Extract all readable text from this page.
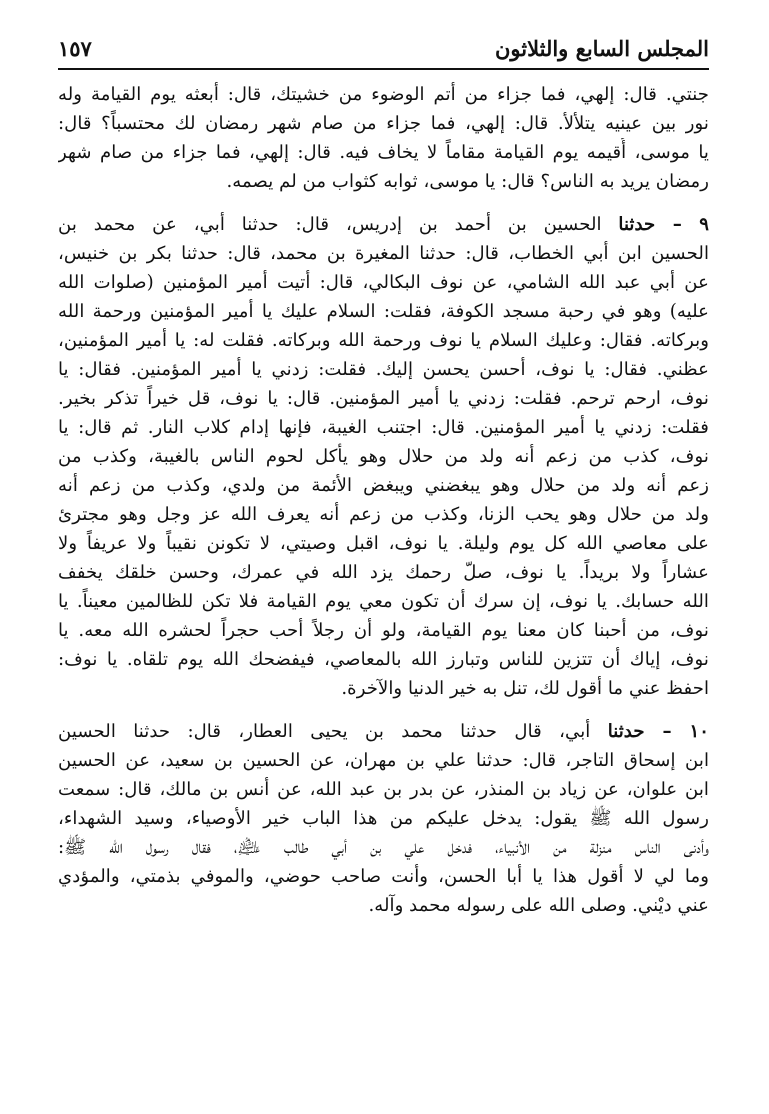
المجلس السابع والثلاثون
١٥٧

جنتي. قال: إلهي، فما جزاء من أتم الوضوء من خشيتك، قال: أبعثه يوم القيامة وله
نور بين عينيه يتلألأ. قال: إلهي، فما جزاء من صام شهر رمضان لك محتسباً؟ قال:
يا موسى، أُقيمه يوم القيامة مقاماً لا يخاف فيه. قال: إلهي، فما جزاء من صام شهر
رمضان يريد به الناس؟ قال: يا موسى، ثوابه كثواب من لم يصمه.

٩ – حدثنا الحسين بن أحمد بن إدريس، قال: حدثنا أبي، عن محمد بن
الحسين ابن أبي الخطاب، قال: حدثنا المغيرة بن محمد، قال: حدثنا بكر بن خنيس،
عن أبي عبد الله الشامي، عن نوف البكالي، قال: أتيت أمير المؤمنين (صلوات الله
عليه) وهو في رحبة مسجد الكوفة، فقلت: السلام عليك يا أمير المؤمنين ورحمة الله
وبركاته. فقال: وعليك السلام يا نوف ورحمة الله وبركاته. فقلت له: يا أمير المؤمنين،
عظني. فقال: يا نوف، أحسن يحسن إليك. فقلت: زدني يا أمير المؤمنين. فقال: يا
نوف، ارحم ترحم. فقلت: زدني يا أمير المؤمنين. قال: يا نوف، قل خيراً تذكر بخير.
فقلت: زدني يا أمير المؤمنين. قال: اجتنب الغيبة، فإنها إدام كلاب النار. ثم قال: يا
نوف، كذب من زعم أنه ولد من حلال وهو يأكل لحوم الناس بالغيبة، وكذب من
زعم أنه ولد من حلال وهو يبغضني ويبغض الأئمة من ولدي، وكذب من زعم أنه
ولد من حلال وهو يحب الزنا، وكذب من زعم أنه يعرف الله عز وجل وهو مجترئ
على معاصي الله كل يوم وليلة. يا نوف، اقبل وصيتي، لا تكونن نقيباً ولا عريفاً ولا
عشاراً ولا بريداً. يا نوف، صلّ رحمك يزد الله في عمرك، وحسن خلقك يخفف
الله حسابك. يا نوف، إن سرك أن تكون معي يوم القيامة فلا تكن للظالمين معيناً. يا
نوف، من أحبنا كان معنا يوم القيامة، ولو أن رجلاً أحب حجراً لحشره الله معه. يا
نوف، إياك أن تتزين للناس وتبارز الله بالمعاصي، فيفضحك الله يوم تلقاه. يا نوف:
احفظ عني ما أقول لك، تنل به خير الدنيا والآخرة.

١٠ – حدثنا أبي، قال حدثنا محمد بن يحيى العطار، قال: حدثنا الحسين
ابن إسحاق التاجر، قال: حدثنا علي بن مهران، عن الحسين بن سعيد، عن الحسين
ابن علوان، عن زياد بن المنذر، عن بدر بن عبد الله، عن أنس بن مالك، قال: سمعت
رسول الله ﷺ يقول: يدخل عليكم من هذا الباب خير الأوصياء، وسيد الشهداء،
وأدنى الناس منزلة من الأنبياء، فدخل علي بن أبي طالب ﵇، فقال رسول الله ﷺ:
وما لي لا أقول هذا يا أبا الحسن، وأنت صاحب حوضي، والموفي بذمتي، والمؤدي
عني ديْني. وصلى الله على رسوله محمد وآله.
